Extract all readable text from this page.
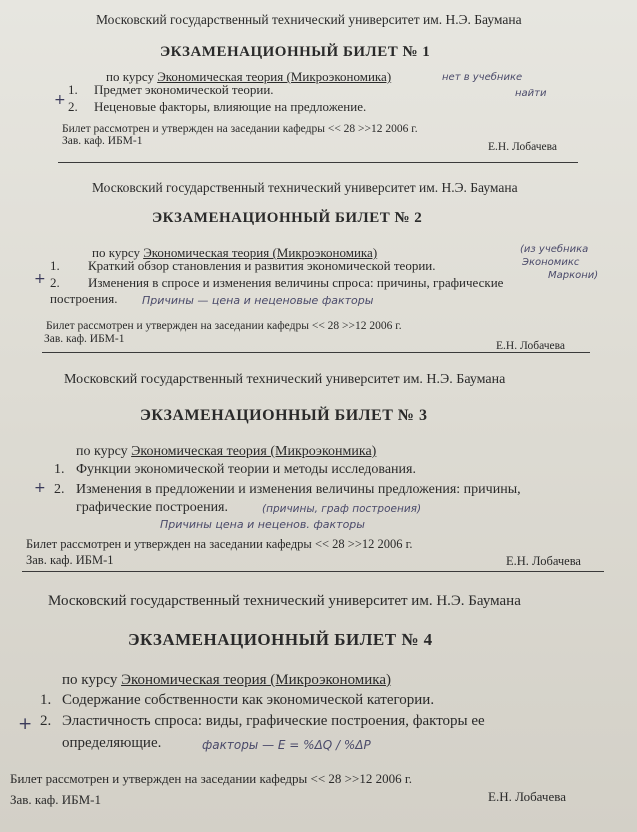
Московский государственный технический университет им. Н.Э. Баумана
ЭКЗАМЕНАЦИОННЫЙ БИЛЕТ № 1
по курсу Экономическая теория (Микроэкономика)	нет в учебнике
найти
1. Предмет экономической теории.
+ 2. Неценовые факторы, влияющие на предложение.
Билет рассмотрен и утвержден на заседании кафедры << 28 >>12 2006 г.
Зав. каф. ИБМ-1	Е.Н. Лобачева
Московский государственный технический университет им. Н.Э. Баумана
ЭКЗАМЕНАЦИОННЫЙ БИЛЕТ № 2
по курсу Экономическая теория (Микроэкономика)	(из учебника
Экономикс
Маркони)
1. Краткий обзор становления и развития экономической теории.
+ 2. Изменения в спросе и изменения величины спроса: причины, графические
построения. Причины — цена и неценовые факторы
Билет рассмотрен и утвержден на заседании кафедры << 28 >>12 2006 г.
Зав. каф. ИБМ-1
Е.Н. Лобачева
Московский государственный технический университет им. Н.Э. Баумана
ЭКЗАМЕНАЦИОННЫЙ БИЛЕТ № 3
по курсу Экономическая теория (Микроэконмика)
1. Функции экономической теории и методы исследования.
+ 2. Изменения в предложении и изменения величины предложения: причины,
графические построения.	(причины, граф построения)
Причины цена и неценов. факторы
Билет рассмотрен и утвержден на заседании кафедры << 28 >>12 2006 г.
Зав. каф. ИБМ-1	Е.Н. Лобачева
Московский государственный технический университет им. Н.Э. Баумана
ЭКЗАМЕНАЦИОННЫЙ БИЛЕТ № 4
по курсу Экономическая теория (Микроэкономика)
1. Содержание собственности как экономической категории.
+ 2. Эластичность спроса: виды, графические построения, факторы ее
определяющие.	факторы — E = %ΔQ / %ΔP
Билет рассмотрен и утвержден на заседании кафедры << 28 >>12 2006 г.
Зав. каф. ИБМ-1	Е.Н. Лобачева
